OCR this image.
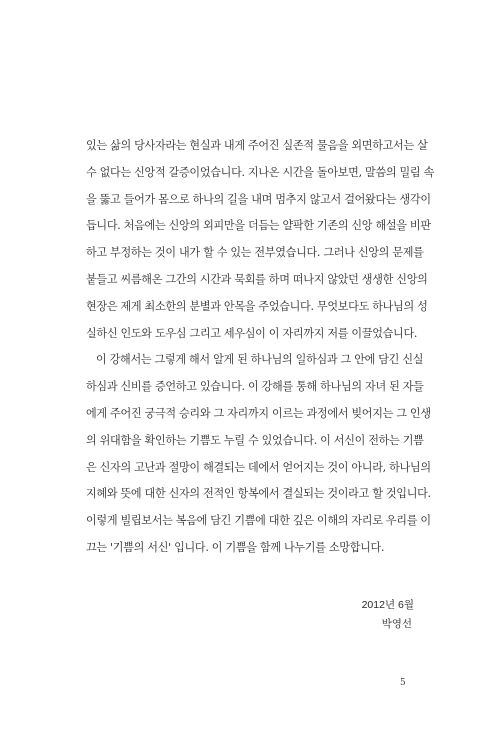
있는 삶의 당사자라는 현실과 내게 주어진 실존적 물음을 외면하고서는 살
수 없다는 신앙적 갈증이었습니다. 지나온 시간을 돌아보면, 말씀의 밀림 속
을 뚫고 들어가 몸으로 하나의 길을 내며 멈추지 않고서 걸어왔다는 생각이
듭니다. 처음에는 신앙의 외피만을 더듬는 얄팍한 기존의 신앙 해설을 비판
하고 부정하는 것이 내가 할 수 있는 전부였습니다. 그러나 신앙의 문제를
붙들고 씨름해온 그간의 시간과 묵회를 하며 떠나지 않았던 생생한 신앙의
현장은 제게 최소한의 분별과 안목을 주었습니다. 무엇보다도 하나님의 성
실하신 인도와 도우심 그리고 세우심이 이 자리까지 저를 이끌었습니다.
이 강해서는 그렇게 해서 알게 된 하나님의 일하심과 그 안에 담긴 신실
하심과 신비를 증언하고 있습니다. 이 강해를 통해 하나님의 자녀 된 자들
에게 주어진 궁극적 승리와 그 자리까지 이르는 과정에서 빚어지는 그 인생
의 위대함을 확인하는 기쁨도 누릴 수 있었습니다. 이 서신이 전하는 기쁨
은 신자의 고난과 절망이 해결되는 데에서 얻어지는 것이 아니라, 하나님의
지혜와 뜻에 대한 신자의 전적인 항복에서 결실되는 것이라고 할 것입니다.
이렇게 빌립보서는 복음에 담긴 기쁨에 대한 깊은 이해의 자리로 우리를 이
끄는 '기쁨의 서신' 입니다. 이 기쁨을 함께 나누기를 소망합니다.
2012년 6월
박영선
5
